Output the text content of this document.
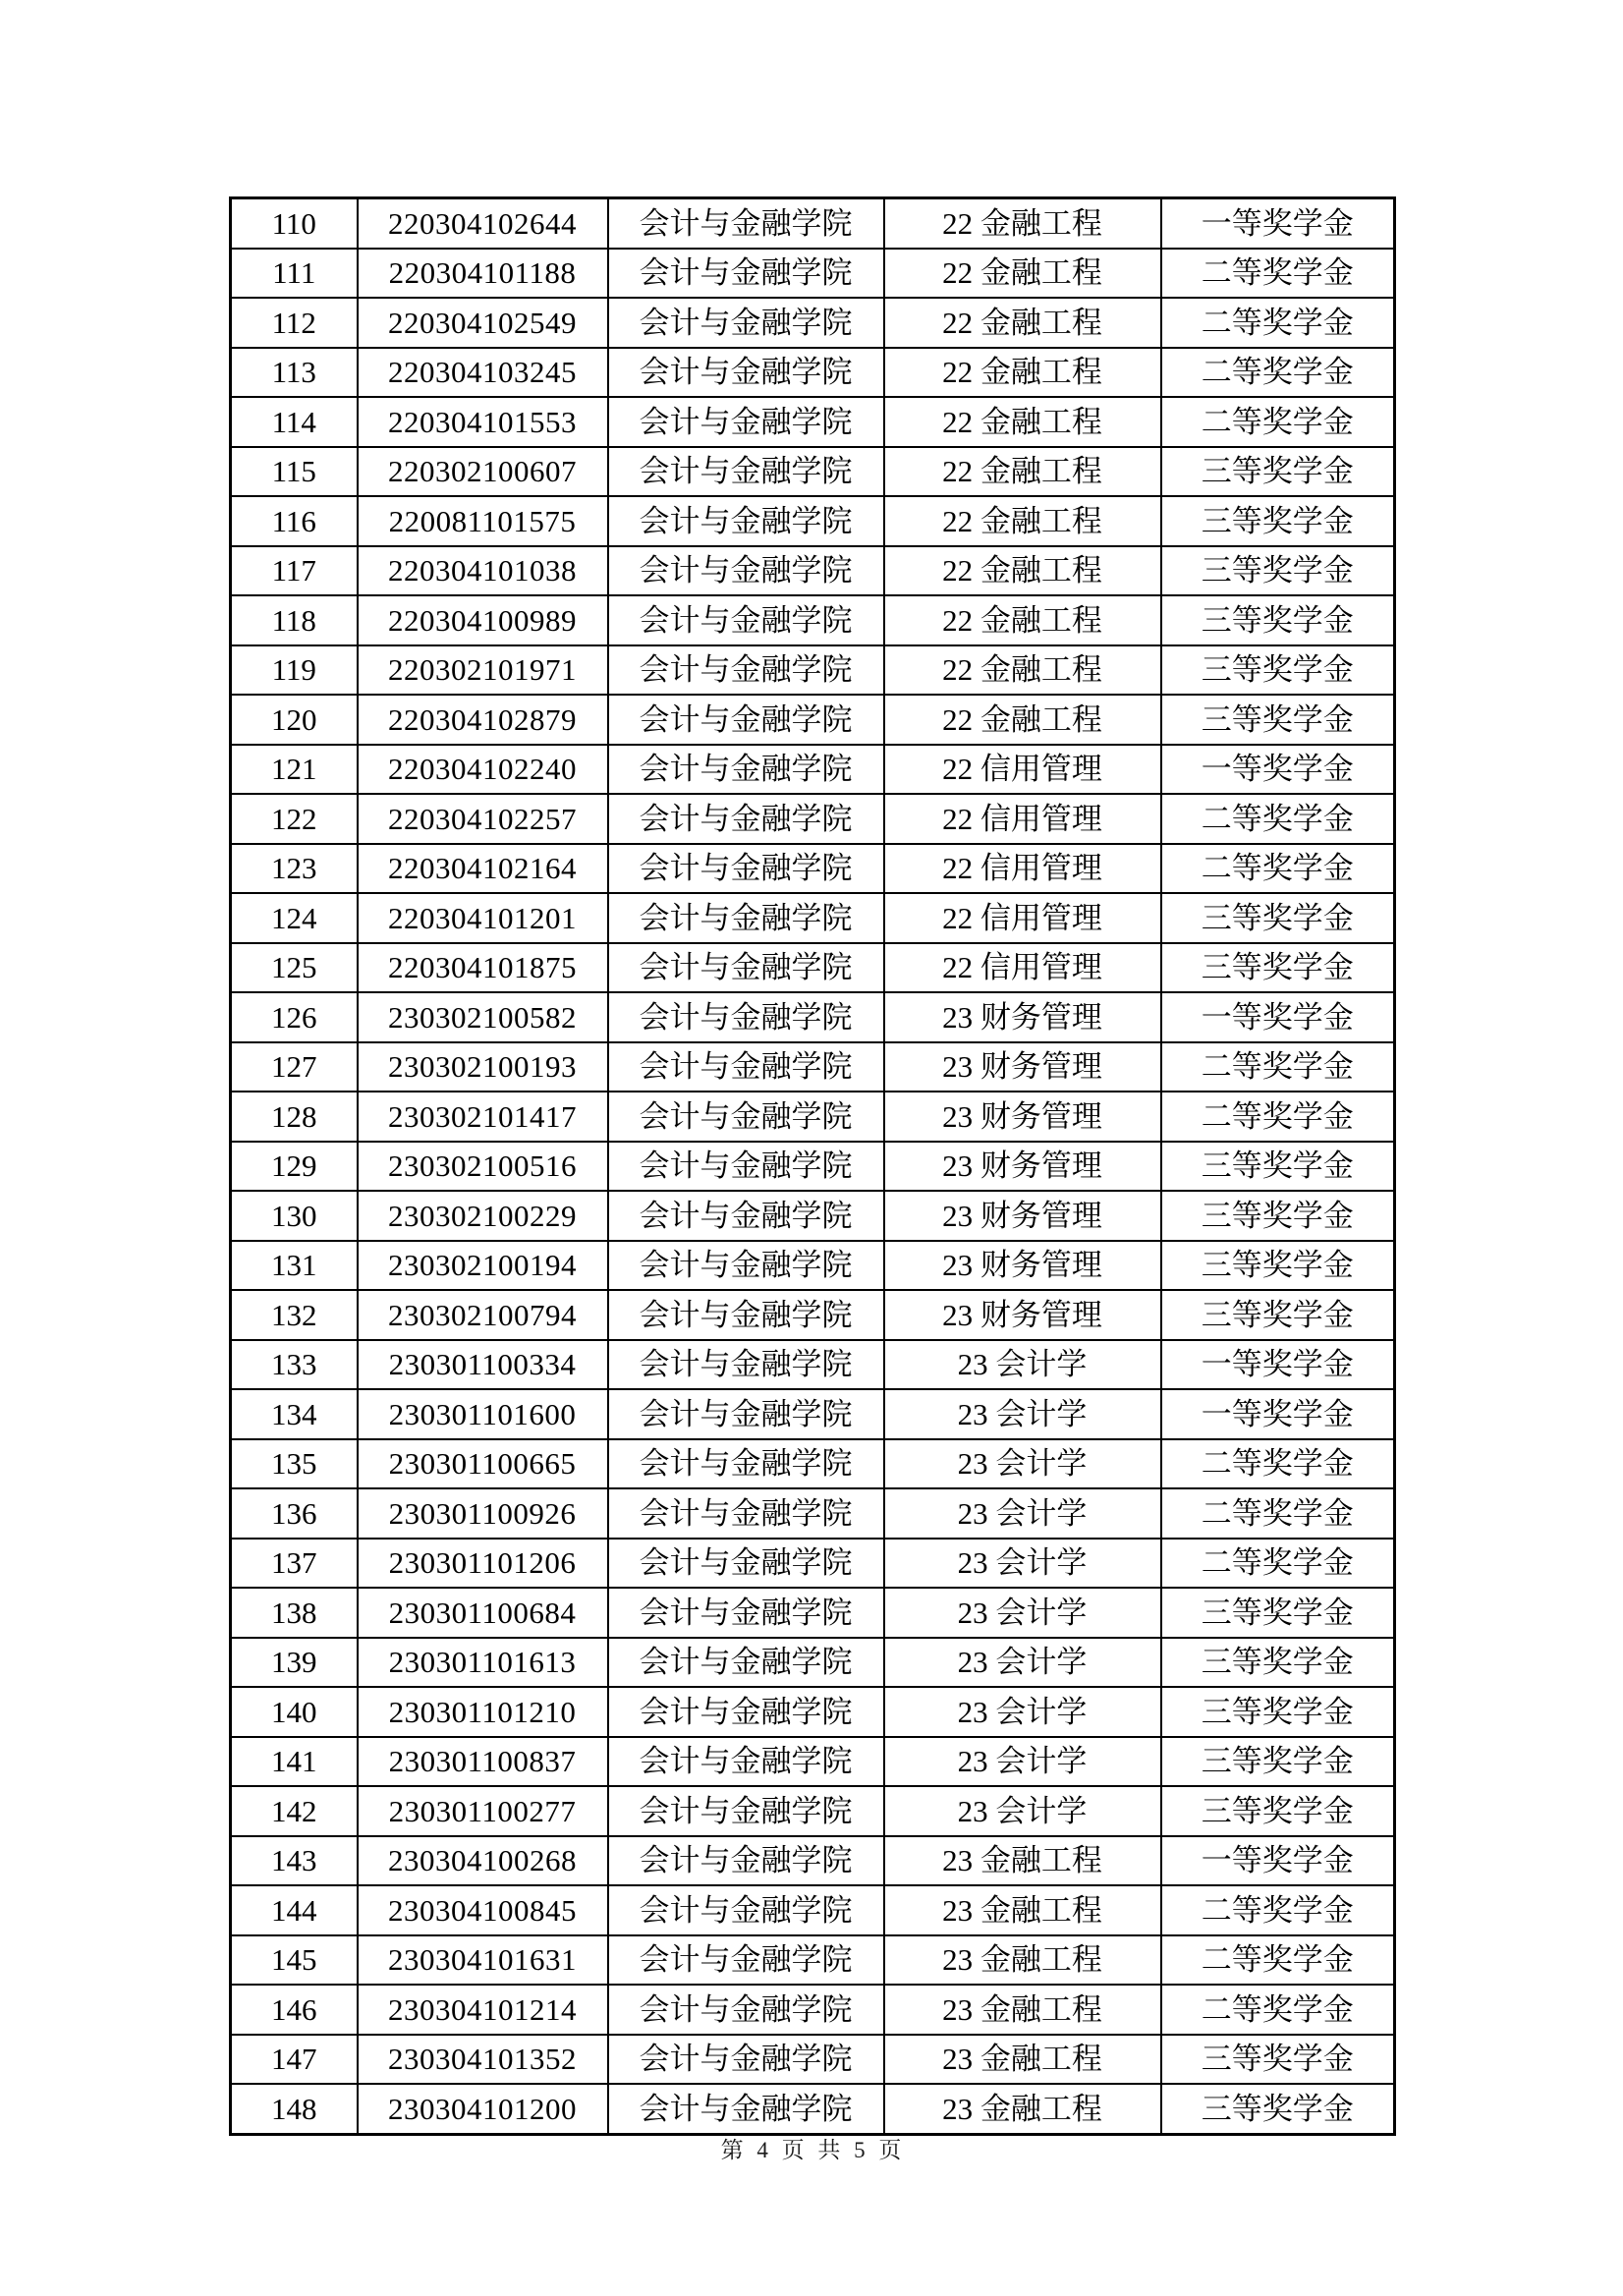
110	220304102644	会计与金融学院	22 金融工程	一等奖学金
111	220304101188	会计与金融学院	22 金融工程	二等奖学金
112	220304102549	会计与金融学院	22 金融工程	二等奖学金
113	220304103245	会计与金融学院	22 金融工程	二等奖学金
114	220304101553	会计与金融学院	22 金融工程	二等奖学金
115	220302100607	会计与金融学院	22 金融工程	三等奖学金
116	220081101575	会计与金融学院	22 金融工程	三等奖学金
117	220304101038	会计与金融学院	22 金融工程	三等奖学金
118	220304100989	会计与金融学院	22 金融工程	三等奖学金
119	220302101971	会计与金融学院	22 金融工程	三等奖学金
120	220304102879	会计与金融学院	22 金融工程	三等奖学金
121	220304102240	会计与金融学院	22 信用管理	一等奖学金
122	220304102257	会计与金融学院	22 信用管理	二等奖学金
123	220304102164	会计与金融学院	22 信用管理	二等奖学金
124	220304101201	会计与金融学院	22 信用管理	三等奖学金
125	220304101875	会计与金融学院	22 信用管理	三等奖学金
126	230302100582	会计与金融学院	23 财务管理	一等奖学金
127	230302100193	会计与金融学院	23 财务管理	二等奖学金
128	230302101417	会计与金融学院	23 财务管理	二等奖学金
129	230302100516	会计与金融学院	23 财务管理	三等奖学金
130	230302100229	会计与金融学院	23 财务管理	三等奖学金
131	230302100194	会计与金融学院	23 财务管理	三等奖学金
132	230302100794	会计与金融学院	23 财务管理	三等奖学金
133	230301100334	会计与金融学院	23 会计学	一等奖学金
134	230301101600	会计与金融学院	23 会计学	一等奖学金
135	230301100665	会计与金融学院	23 会计学	二等奖学金
136	230301100926	会计与金融学院	23 会计学	二等奖学金
137	230301101206	会计与金融学院	23 会计学	二等奖学金
138	230301100684	会计与金融学院	23 会计学	三等奖学金
139	230301101613	会计与金融学院	23 会计学	三等奖学金
140	230301101210	会计与金融学院	23 会计学	三等奖学金
141	230301100837	会计与金融学院	23 会计学	三等奖学金
142	230301100277	会计与金融学院	23 会计学	三等奖学金
143	230304100268	会计与金融学院	23 金融工程	一等奖学金
144	230304100845	会计与金融学院	23 金融工程	二等奖学金
145	230304101631	会计与金融学院	23 金融工程	二等奖学金
146	230304101214	会计与金融学院	23 金融工程	二等奖学金
147	230304101352	会计与金融学院	23 金融工程	三等奖学金
148	230304101200	会计与金融学院	23 金融工程	三等奖学金
第 4 页 共 5 页
